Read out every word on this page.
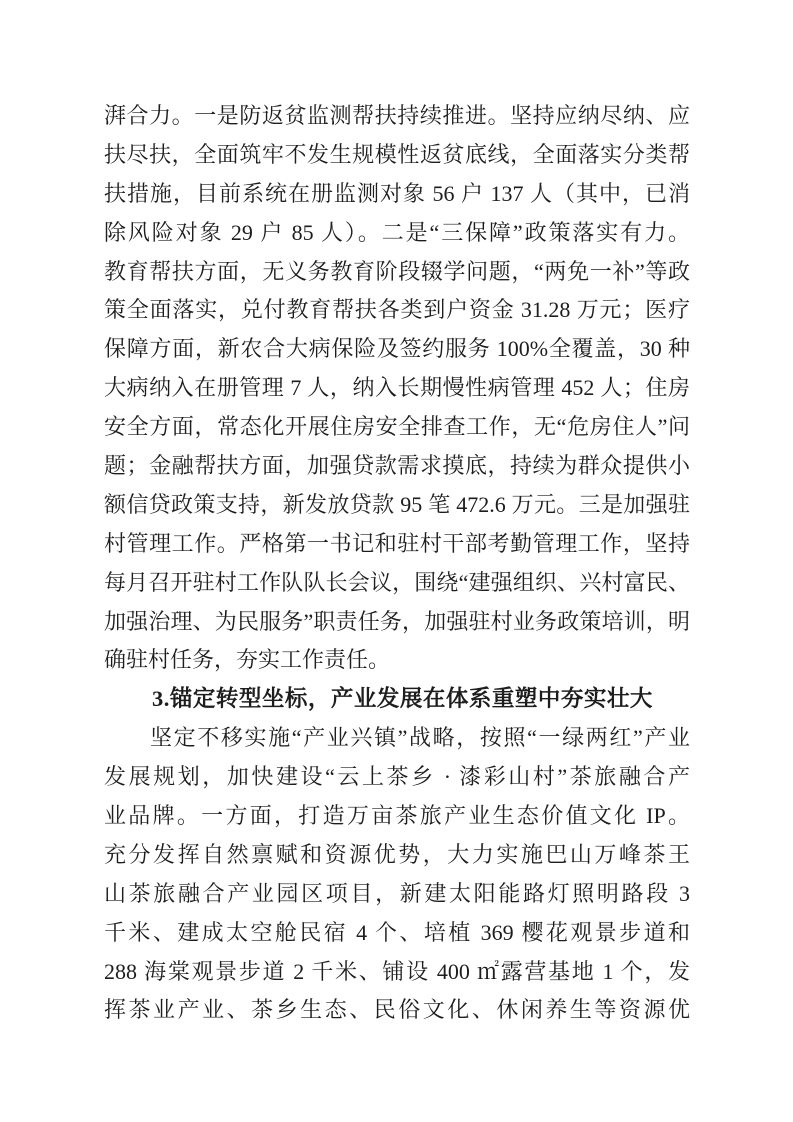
湃合力。一是防返贫监测帮扶持续推进。坚持应纳尽纳、应
扶尽扶，全面筑牢不发生规模性返贫底线，全面落实分类帮
扶措施，目前系统在册监测对象 56 户 137 人（其中，已消
除风险对象 29 户 85 人）。二是“三保障”政策落实有力。
教育帮扶方面，无义务教育阶段辍学问题，“两免一补”等政
策全面落实，兑付教育帮扶各类到户资金 31.28 万元；医疗
保障方面，新农合大病保险及签约服务 100%全覆盖，30 种
大病纳入在册管理 7 人，纳入长期慢性病管理 452 人；住房
安全方面，常态化开展住房安全排查工作，无“危房住人”问
题；金融帮扶方面，加强贷款需求摸底，持续为群众提供小
额信贷政策支持，新发放贷款 95 笔 472.6 万元。三是加强驻
村管理工作。严格第一书记和驻村干部考勤管理工作，坚持
每月召开驻村工作队队长会议，围绕“建强组织、兴村富民、
加强治理、为民服务”职责任务，加强驻村业务政策培训，明
确驻村任务，夯实工作责任。
3.锚定转型坐标，产业发展在体系重塑中夯实壮大
坚定不移实施“产业兴镇”战略，按照“一绿两红”产业
发展规划，加快建设“云上茶乡 · 漆彩山村”茶旅融合产
业品牌。一方面，打造万亩茶旅产业生态价值文化 IP。
充分发挥自然禀赋和资源优势，大力实施巴山万峰茶王
山茶旅融合产业园区项目，新建太阳能路灯照明路段 3
千米、建成太空舱民宿 4 个、培植 369 樱花观景步道和
288 海棠观景步道 2 千米、铺设 400 ㎡露营基地 1 个，发
挥茶业产业、茶乡生态、民俗文化、休闲养生等资源优
